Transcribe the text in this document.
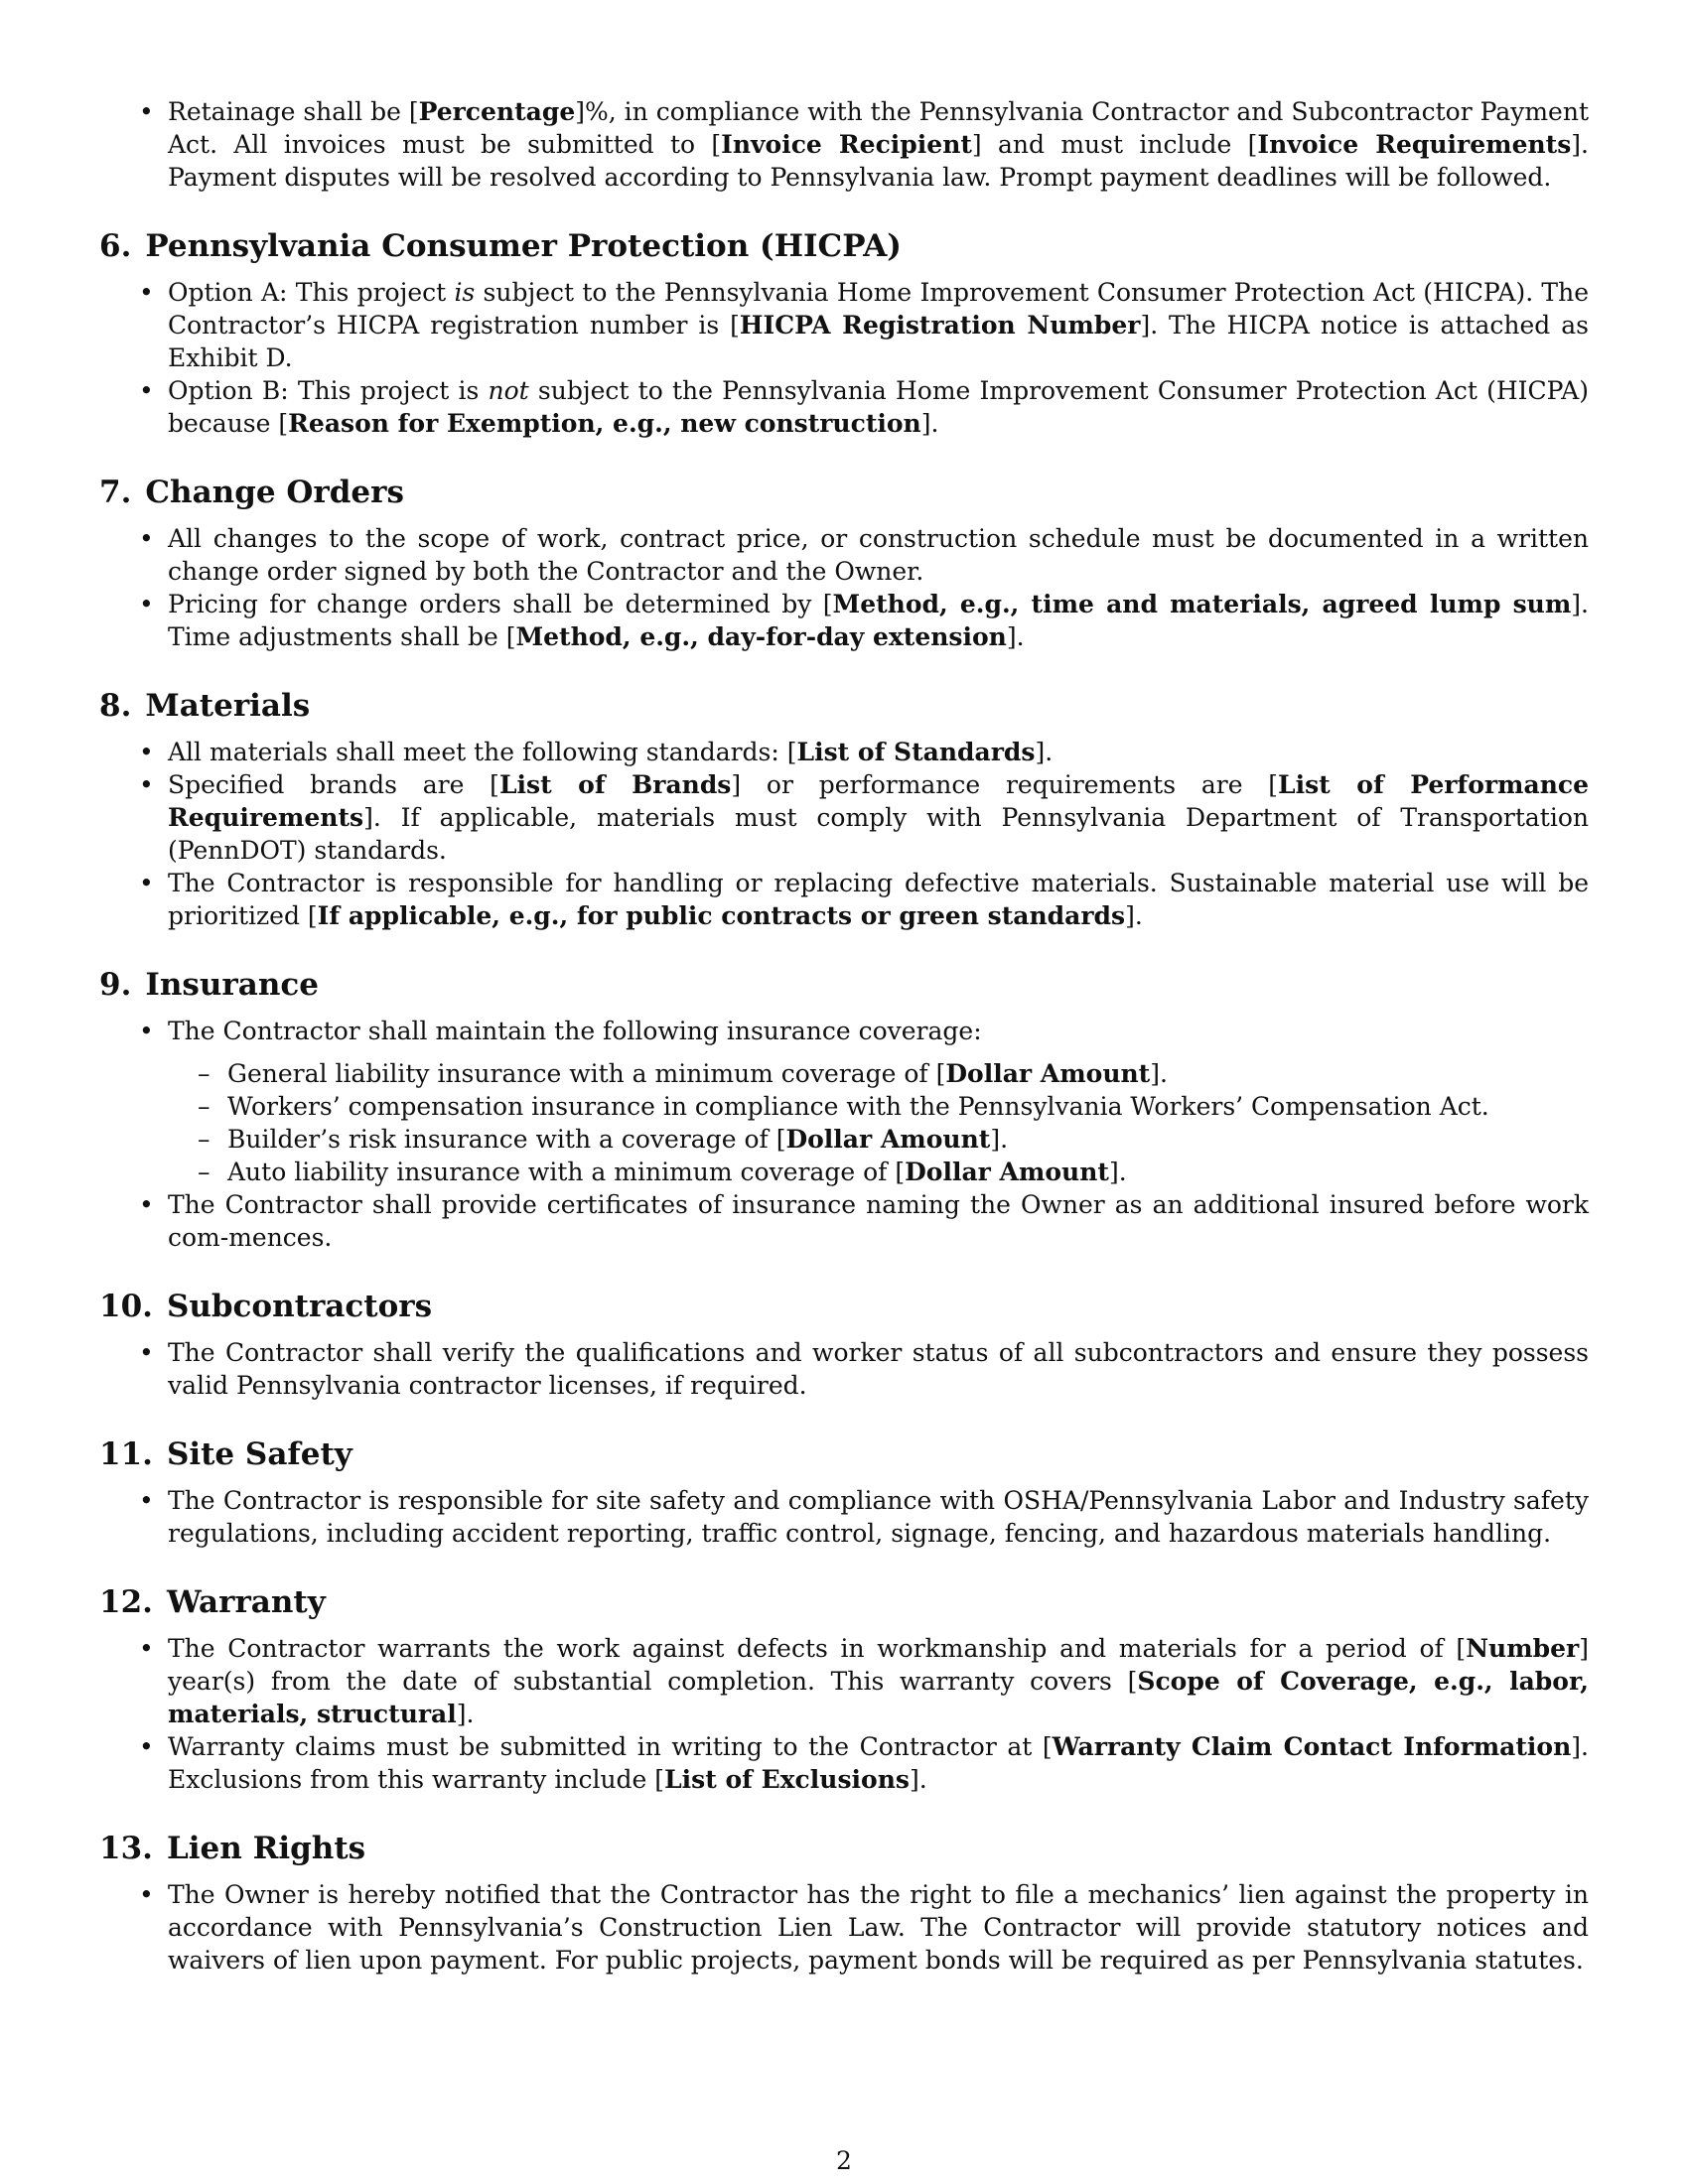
• Retainage shall be [Percentage]%, in compliance with the Pennsylvania Contractor and Subcontractor Payment Act. All invoices must be submitted to [Invoice Recipient] and must include [Invoice Requirements]. Payment disputes will be resolved according to Pennsylvania law. Prompt payment deadlines will be followed.
6. Pennsylvania Consumer Protection (HICPA)
• Option A: This project is subject to the Pennsylvania Home Improvement Consumer Protection Act (HICPA). The Contractor’s HICPA registration number is [HICPA Registration Number]. The HICPA notice is attached as Exhibit D.
• Option B: This project is not subject to the Pennsylvania Home Improvement Consumer Protection Act (HICPA) because [Reason for Exemption, e.g., new construction].
7. Change Orders
• All changes to the scope of work, contract price, or construction schedule must be documented in a written change order signed by both the Contractor and the Owner.
• Pricing for change orders shall be determined by [Method, e.g., time and materials, agreed lump sum]. Time adjustments shall be [Method, e.g., day-for-day extension].
8. Materials
• All materials shall meet the following standards: [List of Standards].
• Specified brands are [List of Brands] or performance requirements are [List of Performance Requirements]. If applicable, materials must comply with Pennsylvania Department of Transportation (PennDOT) standards.
• The Contractor is responsible for handling or replacing defective materials. Sustainable material use will be prioritized [If applicable, e.g., for public contracts or green standards].
9. Insurance
• The Contractor shall maintain the following insurance coverage:
– General liability insurance with a minimum coverage of [Dollar Amount].
– Workers’ compensation insurance in compliance with the Pennsylvania Workers’ Compensation Act.
– Builder’s risk insurance with a coverage of [Dollar Amount].
– Auto liability insurance with a minimum coverage of [Dollar Amount].
• The Contractor shall provide certificates of insurance naming the Owner as an additional insured before work com-mences.
10. Subcontractors
• The Contractor shall verify the qualifications and worker status of all subcontractors and ensure they possess valid Pennsylvania contractor licenses, if required.
11. Site Safety
• The Contractor is responsible for site safety and compliance with OSHA/Pennsylvania Labor and Industry safety regulations, including accident reporting, traffic control, signage, fencing, and hazardous materials handling.
12. Warranty
• The Contractor warrants the work against defects in workmanship and materials for a period of [Number] year(s) from the date of substantial completion. This warranty covers [Scope of Coverage, e.g., labor, materials, structural].
• Warranty claims must be submitted in writing to the Contractor at [Warranty Claim Contact Information]. Exclusions from this warranty include [List of Exclusions].
13. Lien Rights
• The Owner is hereby notified that the Contractor has the right to file a mechanics’ lien against the property in accordance with Pennsylvania’s Construction Lien Law. The Contractor will provide statutory notices and waivers of lien upon payment. For public projects, payment bonds will be required as per Pennsylvania statutes.
2
